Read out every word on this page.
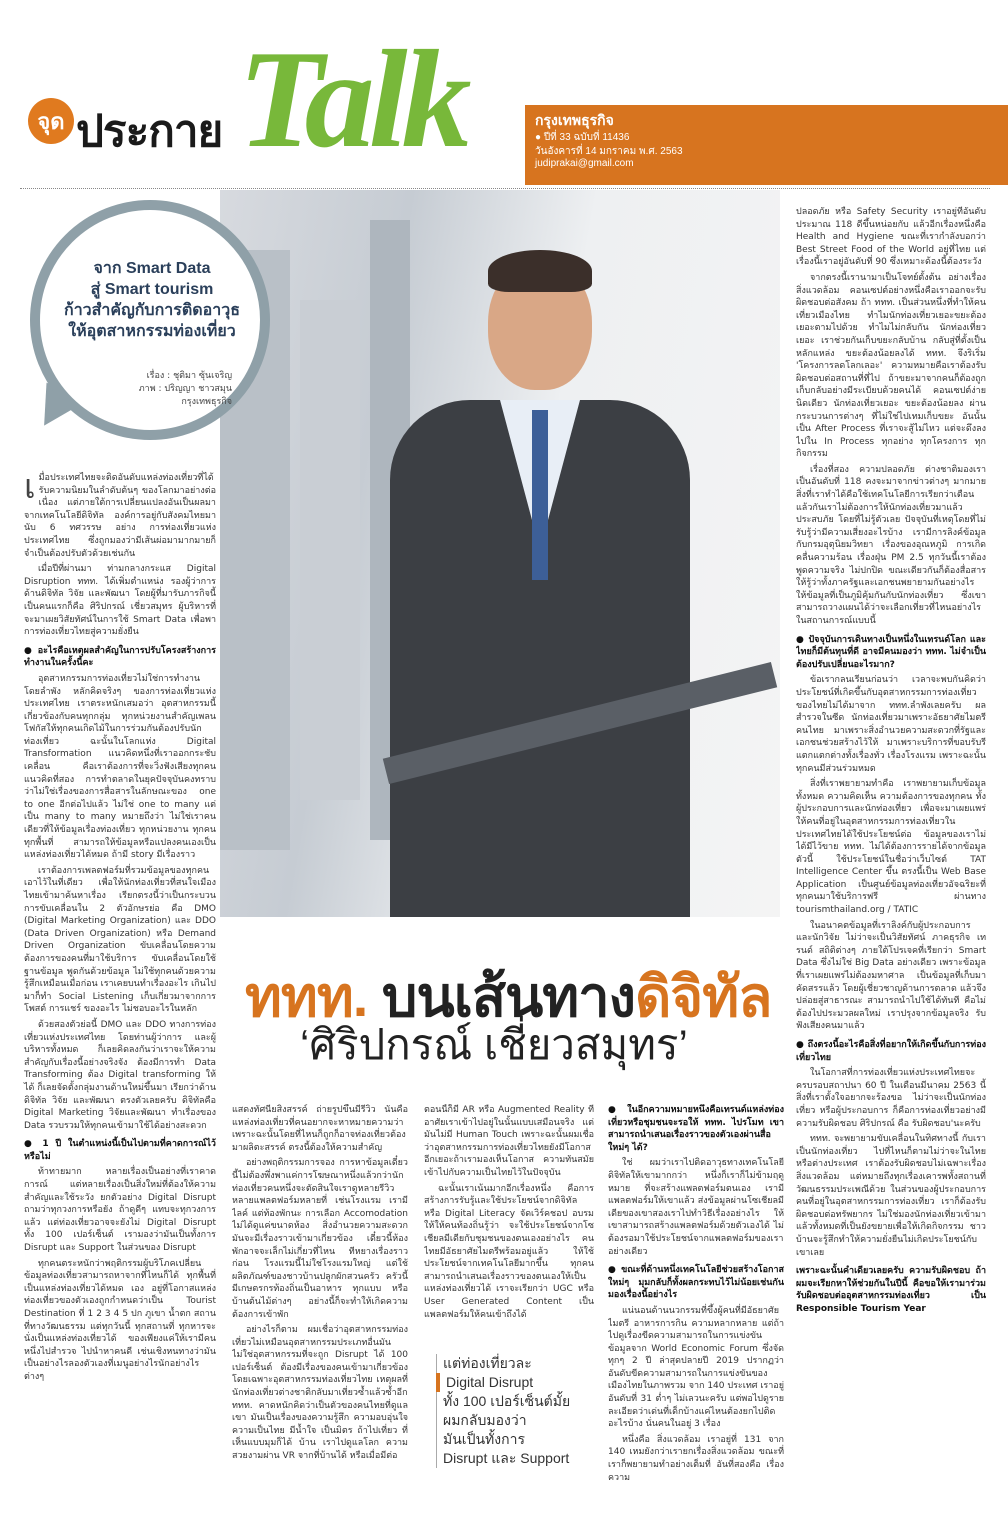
Talk
จุด ประกาย	กรุงเทพธุรกิจ
● ปีที่ 33 ฉบับที่ 11436
วันอังคารที่ 14 มกราคม พ.ศ. 2563
judiprakai@gmail.com
จาก Smart Data
สู่ Smart tourism
ก้าวสำคัญกับการติดอาวุธ
ให้อุตสาหกรรมท่องเที่ยว
เรื่อง : ชุติมา ซุ้นเจริญ
ภาพ : ปริญญา ชาวสมุน
กรุงเทพธุรกิจ

เมื่อประเทศไทยจะติดอันดับแหล่งท่องเที่ยวที่ได้รับความนิยมในลำดับต้นๆ ของโลกมาอย่างต่อเนื่อง แต่ภายใต้การเปลี่ยนแปลงอันเป็นผลมาจากเทคโนโลยีดิจิทัล องค์การอยู่กับสังคมไทยมานับ 6 ทศวรรษ อย่าง การท่องเที่ยวแห่งประเทศไทย ซึ่งถูกมองว่ามีเส้นผ่อมามากมายก็จำเป็นต้องปรับตัวด้วยเช่นกัน

เมื่อปีที่ผ่านมา ท่ามกลางกระแส Digital Disruption ททท. ได้เพิ่มตำแหน่ง รองผู้ว่าการด้านดิจิทัล วิจัย และพัฒนา โดยผู้ที่มารับภารกิจนี้เป็นคนแรกก็คือ ศิริปกรณ์ เชี่ยวสมุทร ผู้บริหารที่จะมาเผยวิสัยทัศน์ในการใช้ Smart Data เพื่อพาการท่องเที่ยวไทยสู่ความยั่งยืน

● อะไรคือเหตุผลสำคัญในการปรับโครงสร้างการทำงานในครั้งนี้คะ

อุตสาหกรรมการท่องเที่ยวไม่ใช่การทำงานโดยลำพัง หลักคิดจริงๆ ของการท่องเที่ยวแห่งประเทศไทย เราตระหนักเสมอว่า อุตสาหกรรมนี้เกี่ยวข้องกับคนทุกกลุ่ม ทุกหน่วยงานสำคัญเพลนโฟกัสให้ทุกคนเกิดไม้ในการร่วมกันต้องปรับนักท่องเที่ยว ฉะนั้นในโลกแห่ง Digital Transformation แนวคิดหนึ่งที่เราออกกระชับเคลื่อน คือเราต้องการที่จะวิ่งฟังเสียงทุกคน แนวคิดที่สอง การทำตลาดในยุคปัจจุบันคงทราบว่าไม่ใช่เรื่องของการสื่อสารในลักษณะของ one to one อีกต่อไปแล้ว ไม่ใช่ one to many แต่เป็น many to many หมายถึงว่า ไม่ใช่เราคนเดียวที่ให้ข้อมูลเรื่องท่องเที่ยว ทุกหน่วยงาน ทุกคน ทุกพื้นที่ สามารถให้ข้อมูลหรือแปลงคนเองเป็นแหล่งท่องเที่ยวได้หมด ถ้ามี story มีเรื่องราว

เราต้องการเพลตฟอร์มที่รวมข้อมูลของทุกคนเอาไว้ในที่เดียว เพื่อให้นักท่องเที่ยวที่สนใจเมืองไทยเข้ามาค้นหาเรื่อง เรียกตรงนี้ว่าเป็นกระบวนการขับเคลื่อนใน 2 ตัวอักษรย่อ คือ DMO (Digital Marketing Organization) และ DDO (Data Driven Organization) หรือ Demand Driven Organization ขับเคลื่อนโดยความต้องการของคนที่มาใช้บริการ ขับเคลื่อนโดยใช้ฐานข้อมูล พูดกันด้วยข้อมูล ไม่ใช้ทุกคนด้วยความรู้สึกเหมือนเมื่อก่อน เราเคยบนทำเรื่องอะไร เกินไปมาก็ทำ Social Listening เก็บเกี่ยวมาจากการโพสต์ การแชร์ ของอะไร ไม่ชอบอะไรในหลัก

ด้วยสองตัวย่อนี้ DMO และ DDO ทางการท่องเที่ยวแห่งประเทศไทย โดยท่านผู้ว่าการ และผู้บริหารทั้งหมด ก็เลยคิดลงกันว่าเราจะให้ความสำคัญกับเรื่องนี้อย่างจริงจัง ต้องมีการทำ Data Transforming ต้อง Digital transforming ให้ได้ ก็เลยจัดตั้งกลุ่มงานด้านใหม่ขึ้นมา เรียกว่าด้านดิจิทัล วิจัย และพัฒนา ตรงตัวเลยครับ ดิจิทัลคือ Digital Marketing วิจัยและพัฒนา ทำเรื่องของ Data รวบรวมให้ทุกคนเข้ามาใช้ได้อย่างสะดวก

● 1 ปี ในตำแหน่งนี้เป็นไปตามที่คาดการณ์ไว้หรือไม่

ท้าทายมาก หลายเรื่องเป็นอย่างที่เราคาดการณ์ แต่หลายเรื่องเป็นสิ่งใหม่ที่ต้องให้ความสำคัญและใช้ระวัง ยกตัวอย่าง Digital Disrupt ถามว่าทุกวงการหรือยัง ถ้าดูดีๆ แทบจะทุกวงการแล้ว แต่ท่องเที่ยวอาจจะยังไม่ Digital Disrupt ทั้ง 100 เปอร์เซ็นต์ เรามองว่ามันเป็นทั้งการ Disrupt และ Support ในส่วนของ Disrupt

ทุกคนตระหนักว่าพฤติกรรมผู้บริโภคเปลี่ยน ข้อมูลท่องเที่ยวสามารถหาจากที่ไหนก็ได้ ทุกพื้นที่เป็นแหล่งท่องเที่ยวได้หมด เอง อยู่ที่โอกาสแหล่งท่องเที่ยวของตัวเองถูกกำหนดว่าเป็น Tourist Destination ที่ 1 2 3 4 5 ปก ภูเขา น้ำตก สถานที่ทางวัฒนธรรม แต่ทุกวันนี้ ทุกสถานที่ ทุกหารจะนั่งเป็นแหล่งท่องเที่ยวได้ ของเพียงแค่ให้เรามีคนหนึ่งไปสำรวจ ไปนำหาคนดี เช่นเชิงหนทางว่ามันเป็นอย่างไรลองตัวเองที่เมนูอย่างไรนักอย่างไรต่างๆ

ททท. บนเส้นทางดิจิทัล
‘ศิริปกรณ์ เชี่ยวสมุทร’

แสดงทัศนียสิ่งสรรค์ ถ่ายรูปขึ้นมีรีวิว นั่นคือแหล่งท่องเที่ยวที่คนอยากจะหาหมายความว่า เพราะฉะนั้นโดยที่ไหนก็ถูกก็อาจท่องเที่ยวต้องมาผลิตะสรรค์ ตรงนี้ต้องให้ความสำคัญ

อย่างพฤติกรรมการจอง การหาข้อมูลเดี๋ยวนี้ไม่ต้องพึ่งพาแค่การโฆษณาหนึ่งแล้วกว่านักท่องเที่ยวคนหนึ่งจะตัดสินใจเราดูหลายรีวิว หลายแพลตฟอร์มหลายที่ เช่นโรงแรม เรามีไลค์ แต่ท้องพักนะ การเลือก Accomodation ไม่ได้ดูแค่ขนาดห้อง สิ่งอำนวยความสะดวก มันจะมีเรื่องราวเข้ามาเกี่ยวข้อง เดี๋ยวนี้ห้องพักอาจจะเล็กไม่เกี่ยวที่ไหน ทีหยางเรื่องราวก่อน โรงแรมนี้ไม่ใช่โรงแรมใหญ่ แต่ใช้ผลิตภัณฑ์ของชาวบ้านปลูกผักสวนครัว ครัวนี้มีเกษตรกรท้องถิ่นเป็นอาหาร ทุกแบบ หรือ บ้านต้นไม้ต่างๆ อย่างนี้ก็จะทำให้เกิดความต้องการเข้าพัก

อย่างไรก็ตาม ผมเชื่อว่าอุตสาหกรรมท่องเที่ยวไม่เหมือนอุตสาหกรรมประเภทอื่นมัน ไม่ใช่อุตสาหกรรมที่จะถูก Disrupt ได้ 100 เปอร์เซ็นต์ ต้องมีเรื่องของคนเข้ามาเกี่ยวข้อง โดยเฉพาะอุตสาหกรรมท่องเที่ยวไทย เหตุผลที่นักท่องเที่ยวต่างชาติกลับมาเที่ยวซ้ำแล้วซ้ำอีก ททท. คาดหนักคิดว่าเป็นตัวของคนไทยที่ดูแลเขา มันเป็นเรื่องของความรู้สึก ความอบอุ่นใจ ความเป็นไทย มีน้ำใจ เป็นมิตร ถ้าไปเที่ยว ที่เห็นแบบมุมก็ได้ บ้าน เราไปดูแลโลก ความสวยงามผ่าน VR จากที่บ้านได้ หรือเมื่อมีต่อ

ตอนนี้ก็มี AR หรือ Augmented Reality ที่อาศัยเราเข้าไปอยู่ในนั้นแบบเสมือนจริง แต่มันไม่มี Human Touch เพราะฉะนั้นผมเชื่อว่าอุตสาหกรรมการท่องเที่ยวไทยยังมีโอกาสอีกเยอะถ้าเรามองเห็นโอกาส ความทันสมัยเข้าไปกับความเป็นไทยไว้ในปัจจุบัน

ฉะนั้นเราเน้นมากอีกเรื่องหนึ่ง คือการสร้างการรับรู้และใช้ประโยชน์จากดิจิทัล หรือ Digital Literacy จัดเวิร์คชอป อบรมให้ให้คนท้องถิ่นรู้ว่า จะใช้ประโยชน์จากโซเชียลมีเดียกับชุมชนของตนเองอย่างไร คนไทยมีอัธยาศัยไมตรีพร้อมอยู่แล้ว ให้ใช้ประโยชน์จากเทคโนโลยีมากขึ้น ทุกคนสามารถนำเสนอเรื่องราวของตนเองให้เป็นแหล่งท่องเที่ยวได้ เราจะเรียกว่า UGC หรือ User Generated Content เป็นแพลตฟอร์มให้คนเข้าถึงได้

แต่ท่องเที่ยวละ
Digital Disrupt
ทั้ง 100 เปอร์เซ็นต์มั้ย
ผมกลับมองว่า
มันเป็นทั้งการ
Disrupt และ Support

● ในอีกความหมายหนึ่งคือเทรนด์แหล่งท่องเที่ยวหรือชุมชนจะรอให้ ททท. ไปรโมท เขาสามารถนำเสนอเรื่องราวของตัวเองผ่านสื่อใหม่ๆ ได้?

ใช่ ผมว่าเราไปติดอาวุธทางเทคโนโลยีดิจิทัลให้เขามากกว่า หนึ่งก็เราก็ไม่ข้ามฤดูหมาย ที่จะสร้างแพลตฟอร์มตนเอง เรามีแพลตฟอร์มให้เขาแล้ว ส่งข้อมูลผ่านโซเชียลมีเดียของเขาสองเราไปทำวิธีเรื่องอย่างไร ให้เขาสามารถสร้างแพลตฟอร์มด้วยตัวเองได้ ไม่ต้องรอมาใช้ประโยชน์จากแพลตฟอร์มของเราอย่างเดียว

● ขณะที่ด้านหนึ่งเทคโนโลยีช่วยสร้างโอกาสใหม่ๆ มุมกลับก็ทั้งผลกระทบไว้ไม่น้อยเช่นกันมองเรื่องนี้อย่างไร

แน่นอนด้านนวกรรมที่ขึ้งผู้คนที่มีอัธยาศัยไมตรี อาหารการกิน ความหลากหลาย แต่ถ้าไปดูเรื่องขีดความสามารถในการแข่งขัน ข้อมูลจาก World Economic Forum ซึ่งจัดทุกๆ 2 ปี ล่าสุดปลายปี 2019 ปรากฏว่า อันดับขีดความสามารถในการแข่งขันของเมืองไทยในภาพรวม จาก 140 ประเทศ เราอยู่อันดับที่ 31 ต่ำๆ ไม่เลวนะครับ แต่พอไปดูรายละเอียดว่าเด่นที่เด็กบ้างแค่ไหนต้องยกไปติดอะไรบ้าง นั่นคนในอยู่ 3 เรื่อง

หนึ่งคือ สิ่งแวดล้อม เราอยู่ที่ 131 จาก 140 เหมยังกว่าเรายกเรื่องสิ่งแวดล้อม ขณะที่เราก็พยายามทำอย่างเต็มที่ อันที่สองคือ เรื่องความ

ปลอดภัย หรือ Safety Security เราอยู่ที่อันดับประมาณ 118 ดีขึ้นหน่อยกับ แล้วอีกเรื่องหนึ่งคือ Health and Hygiene ขณะที่เรากำลังบอกว่า Best Street Food of the World อยู่ที่ไทย แต่เรื่องนี้เราอยู่อันดับที่ 90 ซึ่งเหมาะด้องนี้ต้องระวัง

จากตรงนี้เรานามาเป็นโจทย์ตั้งต้น อย่างเรื่องสิ่งแวดล้อม คอนเซปต์อย่างหนึ่งคือเราออกจะรับผิดชอบต่อสังคม ถ้า ททท. เป็นส่วนหนึ่งที่ทำให้คนเที่ยวเมืองไทย ทำไมนักท่องเที่ยวเยอะขยะต้องเยอะตามไปด้วย ทำไมไม่กลับกัน นักท่องเที่ยวเยอะ เราช่วยกันเก็บขยะกลับบ้าน กลับสู่ที่ตั้งเป็นหลักแหล่ง ขยะต้องน้อยลงได้ ททท. จึงริเริ่ม 'โครงการลดโลกเลอะ' ความหมายคือเราต้องรับผิดชอบต่อสถานที่ที่ไป ถ้าขยะมาจากคนก็ต้องถูกเก็บกลับอย่างมีระเบียบด้วยคนได้ คอนเซปต์ง่ายนิดเดียว นักท่องเที่ยวเยอะ ขยะต้องน้อยลง ผ่านกระบวนการต่างๆ ที่ไม่ใช่ไปเทมเก็บขยะ อันนั้นเป็น After Process ที่เราจะสู้ไม่ไหว แต่จะดึงลงไปใน In Process ทุกอย่าง ทุกโครงการ ทุกกิจกรรม

เรื่องที่สอง ความปลอดภัย ต่างชาติมองเราเป็นอันดับที่ 118 คงจะมาจากข่าวต่างๆ มากมายสิ่งที่เราทำได้คือใช้เทคโนโลยีการเรียกว่าเตือนแล้วกันเราไม่ต้องการให้นักท่องเที่ยวมาแล้วประสบภัย โดยที่ไม่รู้ตัวเลย ปัจจุบันที่เหตุโดยที่ไม่รับรู้ว่ามีความเสี่ยงอะไรบ้าง เรามีการลิงค์ข้อมูลกับกรมอุตุนิยมวิทยา เรื่องของอุณหภูมิ การเกิดคลื่นความร้อน เรื่องฝุ่น PM 2.5 ทุกวันนี้เราต้องพูดความจริง ไม่ปกปิด ขณะเดียวกันก็ต้องสื่อสารให้รู้ว่าทั้งภาครัฐและเอกชนพยายามกันอย่างไร ให้ข้อมูลที่เป็นภูมิคุ้มกันกับนักท่องเที่ยว ซึ่งเขาสามารถวางแผนได้ว่าจะเลือกเที่ยวที่ไหนอย่างไรในสถานการณ์แบบนี้

● ปัจจุบันการเดินทางเป็นหนึ่งในเทรนด์โลก และไทยก็มีต้นทุนที่ดี อาจมีคนมองว่า ททท. ไม่จำเป็นต้องปรับเปลี่ยนอะไรมาก?

ข้อเรากลนเรียนก่อนว่า เวลาจะพบกันคิดว่าประโยชน์ที่เกิดขึ้นกับอุตสาหกรรมการท่องเที่ยวของไทยไม่ได้มาจาก ททท.ลำพังเลยครับ ผลสำรวจในซีด นักท่องเที่ยวมาเพราะอัธยาศัยไมตรีคนไทย มาเพราะสิ่งอำนวยความสะดวกที่รัฐและเอกชนช่วยสร้างไว้ให้ มาเพราะบริการที่ขอบรับรีแตกแตกต่างทั้งเรื่องทั่ว เรื่องโรงแรม เพราะฉะนั้นทุกคนมีส่วนร่วมหมด

สิ่งที่เราพยายามทำคือ เราพยายามเก็บข้อมูลทั้งหมด ความคิดเห็น ความต้องการของทุกคน ทั้งผู้ประกอบการและนักท่องเที่ยว เพื่อจะมาเผยแพร่ให้คนที่อยู่ในอุตสาหกรรมการท่องเที่ยวในประเทศไทยได้ใช้ประโยชน์ต่อ ข้อมูลของเราไม่ได้มีไว้ขาย ททท. ไม่ได้ต้องการรายได้จากข้อมูลตัวนี้ ใช้ประโยชน์ในชื่อว่าเว็บไซต์ TAT Intelligence Center ขึ้น ตรงนี้เป็น Web Base Application เป็นศูนย์ข้อมูลท่องเที่ยวอัจฉริยะที่ทุกคนมาใช้บริการฟรี ผ่านทาง tourismthailand.org / TATIC

ในอนาคตข้อมูลที่เราลิงค์กับผู้ประกอบการและนักวิจัย ไม่ว่าจะเป็นวิสัยทัศน์ ภาคธุรกิจ เทรนด์ สถิติต่างๆ ภายใต้โปรเจคที่เรียกว่า Smart Data ซึ่งไม่ใช่ Big Data อย่างเดียว เพราะข้อมูลที่เราเผยแพร่ไม่ต้องมหาศาล เป็นข้อมูลที่เก็บมาคัดสรรแล้ว โดยผู้เชี่ยวชาญด้านการตลาด แล้วจึงปล่อยสู่สาธารณะ สามารถนำไปใช้ได้ทันที คือไม่ต้องไปประมวลผลใหม่ เราปรุงจากข้อมูลจริง รับฟังเสียงคนมาแล้ว

● ถึงตรงนี้อะไรคือสิ่งที่อยากให้เกิดขึ้นกับการท่องเที่ยวไทย

ในโอกาสที่การท่องเที่ยวแห่งประเทศไทยจะครบรอบสถาปนา 60 ปี ในเดือนมีนาคม 2563 นี้ สิ่งที่เราตั้งใจอยากจะร้องขอ ไม่ว่าจะเป็นนักท่องเที่ยว หรือผู้ประกอบการ ก็คือการท่องเที่ยวอย่างมีความรับผิดชอบ ศิริปกรณ์ คือ รับผิดชอบ'นะครับ

ททท. จะพยายามขับเคลื่อนในทิศทางนี้ กับเราเป็นนักท่องเที่ยว ไปที่ไหนก็ตามไม่ว่าจะในไทย หรือต่างประเทศ เราต้องรับผิดชอบไม่เฉพาะเรื่องสิ่งแวดล้อม แต่หมายถึงทุกเรื่องเคารพทั้งสถานที่ วัฒนธรรมประเพณีด้วย ในส่วนของผู้ประกอบการ คนที่อยู่ในอุตสาหกรรมการท่องเที่ยว เราก็ต้องรับผิดชอบต่อทรัพยากร ไม่ใช่มองนักท่องเที่ยวเข้ามาแล้วทั้งหมดที่เป็นยังขยายเพื่อให้เกิดกิจกรรม ชาวบ้านจะรู้สึกทำให้ความยั่งยืนไม่เกิดประโยชน์กับเขาเลย

เพราะฉะนั้นคำเดียวเลยครับ ความรับผิดชอบ ถ้าผมจะเรียกหาให้ช่วยกันในปีนี้ คือขอให้เรามาร่วมรับผิดชอบต่ออุตสาหกรรมท่องเที่ยว เป็น Responsible Tourism Year
